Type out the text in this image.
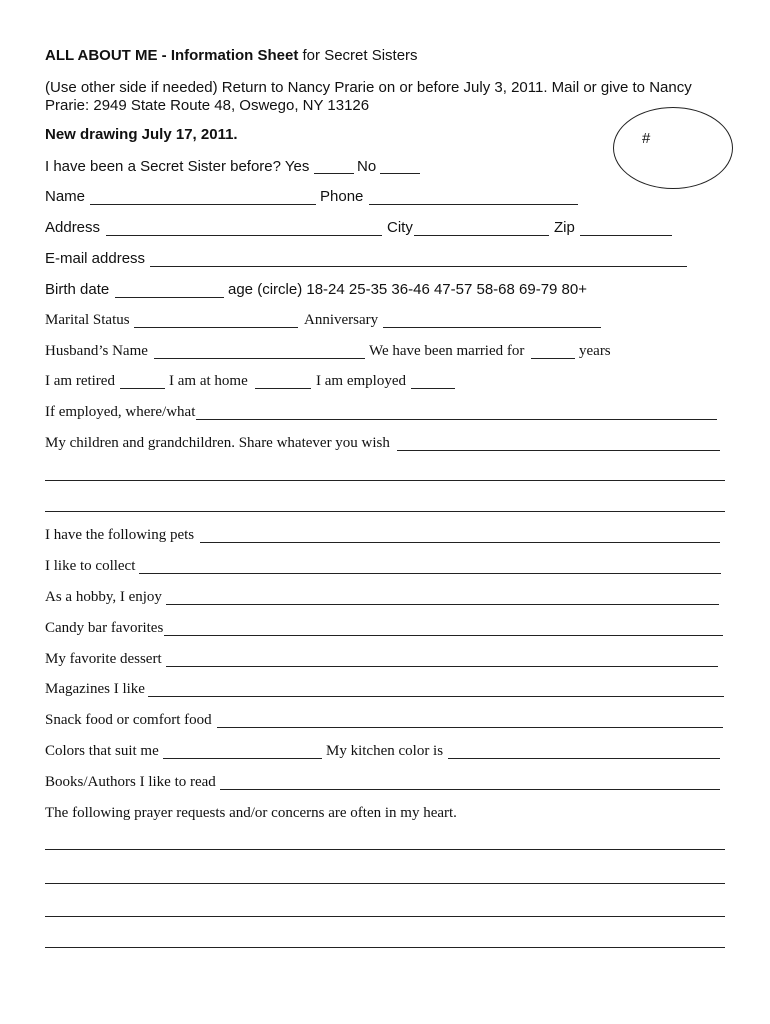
ALL ABOUT ME - Information Sheet for Secret Sisters
(Use other side if needed) Return to Nancy Prarie on or before July 3, 2011. Mail or give to Nancy
Prarie: 2949 State Route 48, Oswego, NY 13126
New drawing July 17, 2011.	#
I have been a Secret Sister before? Yes	No
Name	Phone
Address	City	Zip
E-mail address
Birth date	age (circle) 18-24 25-35 36-46 47-57 58-68 69-79 80+
Marital Status	Anniversary
Husband’s Name	We have been married for	years
I am retired	I am at home	I am employed
If employed, where/what
My children and grandchildren. Share whatever you wish
I have the following pets
I like to collect
As a hobby, I enjoy
Candy bar favorites
My favorite dessert
Magazines I like
Snack food or comfort food
Colors that suit me	My kitchen color is
Books/Authors I like to read
The following prayer requests and/or concerns are often in my heart.
